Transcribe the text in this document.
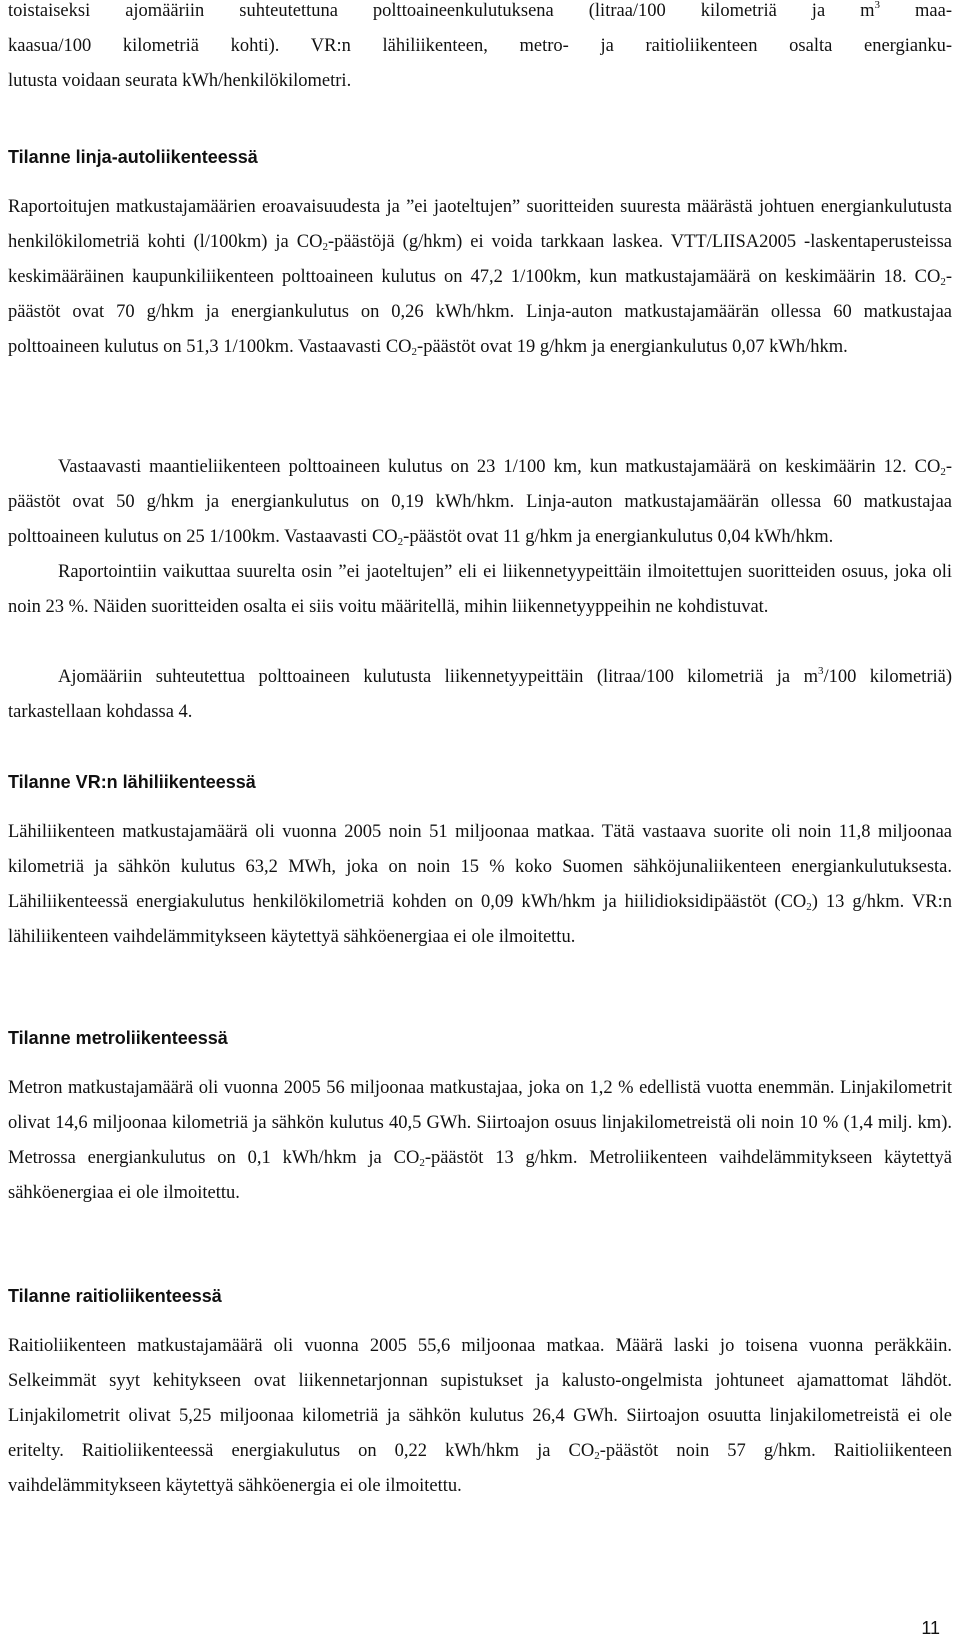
toistaiseksi ajomääriin suhteutettuna polttoaineenkulutuksena (litraa/100 kilometriä ja $m^3$ maa-

kaasua/100 kilometriä kohti). VR:n lähiliikenteen, metro- ja raitioliikenteen osalta energianku-

lutusta voidaan seurata kWh/henkilökilometri.

Tilanne linja-autoliikenteessä

Raportoitujen matkustajamäärien eroavaisuudesta ja ”ei jaoteltujen” suoritteiden suuresta määrästä johtuen energiankulutusta henkilökilometriä kohti (l/100km) ja $CO_2$-päästöjä (g/hkm) ei voida tarkkaan laskea. VTT/LIISA2005 -laskentaperusteissa keskimääräinen kaupunkiliikenteen polttoaineen kulutus on 47,2 1/100km, kun matkustajamäärä on keskimäärin 18. $CO_2$-päästöt ovat 70 g/hkm ja energiankulutus on 0,26 kWh/hkm. Linja-auton matkustajamäärän ollessa 60 matkustajaa polttoaineen kulutus on 51,3 1/100km. Vastaavasti $CO_2$-päästöt ovat 19 g/hkm ja energiankulutus 0,07 kWh/hkm.

Vastaavasti maantieliikenteen polttoaineen kulutus on 23 1/100 km, kun matkustajamäärä on keskimäärin 12. $CO_2$-päästöt ovat 50 g/hkm ja energiankulutus on 0,19 kWh/hkm. Linja-auton matkustajamäärän ollessa 60 matkustajaa polttoaineen kulutus on 25 1/100km. Vastaavasti $CO_2$-päästöt ovat 11 g/hkm ja energiankulutus 0,04 kWh/hkm.

Raportointiin vaikuttaa suurelta osin ”ei jaoteltujen” eli ei liikennetyypeittäin ilmoitettujen suoritteiden osuus, joka oli noin 23 %. Näiden suoritteiden osalta ei siis voitu määritellä, mihin liikennetyyppeihin ne kohdistuvat.

Ajomääriin suhteutettua polttoaineen kulutusta liikennetyypeittäin (litraa/100 kilometriä ja $m^3/100$ kilometriä) tarkastellaan kohdassa 4.

Tilanne VR:n lähiliikenteessä

Lähiliikenteen matkustajamäärä oli vuonna 2005 noin 51 miljoonaa matkaa. Tätä vastaava suorite oli noin 11,8 miljoonaa kilometriä ja sähkön kulutus 63,2 MWh, joka on noin 15 % koko Suomen sähköjunaliikenteen energiankulutuksesta. Lähiliikenteessä energiakulutus henkilökilometriä kohden on 0,09 kWh/hkm ja hiilidioksidipäästöt $(CO_2)$ 13 g/hkm. VR:n lähiliikenteen vaihdelämmitykseen käytettyä sähköenergiaa ei ole ilmoitettu.

Tilanne metroliikenteessä

Metron matkustajamäärä oli vuonna 2005 56 miljoonaa matkustajaa, joka on 1,2 % edellistä vuotta enemmän. Linjakilometrit olivat 14,6 miljoonaa kilometriä ja sähkön kulutus 40,5 GWh. Siirtoajon osuus linjakilometreistä oli noin 10 % (1,4 milj. km). Metrossa energiankulutus on 0,1 kWh/hkm ja $CO_2$-päästöt 13 g/hkm. Metroliikenteen vaihdelämmitykseen käytettyä sähköenergiaa ei ole ilmoitettu.

Tilanne raitioliikenteessä

Raitioliikenteen matkustajamäärä oli vuonna 2005 55,6 miljoonaa matkaa. Määrä laski jo toisena vuonna peräkkäin. Selkeimmät syyt kehitykseen ovat liikennetarjonnan supistukset ja kalusto-ongelmista johtuneet ajamattomat lähdöt. Linjakilometrit olivat 5,25 miljoonaa kilometriä ja sähkön kulutus 26,4 GWh. Siirtoajon osuutta linjakilometreistä ei ole eritelty. Raitioliikenteessä energiakulutus on 0,22 kWh/hkm ja $CO_2$-päästöt noin 57 g/hkm. Raitioliikenteen vaihdelämmitykseen käytettyä sähköenergia ei ole ilmoitettu.

11
